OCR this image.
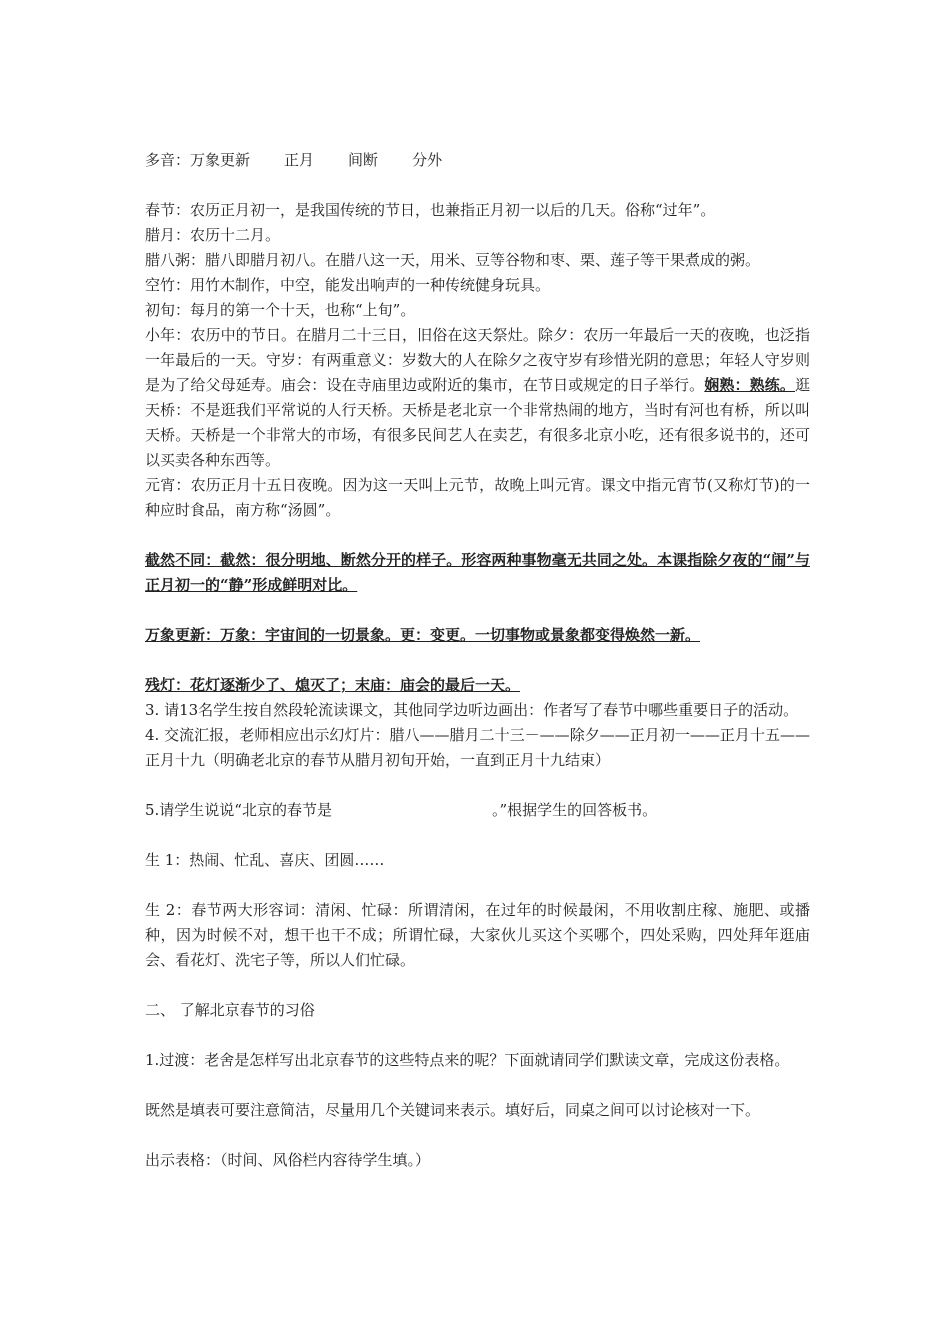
多音：万象更新 正月 间断 分外

春节：农历正月初一，是我国传统的节日，也兼指正月初一以后的几天。俗称“过年”。

腊月：农历十二月。

腊八粥：腊八即腊月初八。在腊八这一天，用米、豆等谷物和枣、栗、莲子等干果煮成的粥。

空竹：用竹木制作，中空，能发出响声的一种传统健身玩具。

初旬：每月的第一个十天，也称“上旬”。

小年：农历中的节日。在腊月二十三日，旧俗在这天祭灶。除夕：农历一年最后一天的夜晚，也泛指一年最后的一天。守岁：有两重意义：岁数大的人在除夕之夜守岁有珍惜光阴的意思；年轻人守岁则是为了给父母延寿。庙会：设在寺庙里边或附近的集市，在节日或规定的日子举行。娴熟：熟练。逛天桥：不是逛我们平常说的人行天桥。天桥是老北京一个非常热闹的地方，当时有河也有桥，所以叫天桥。天桥是一个非常大的市场，有很多民间艺人在卖艺，有很多北京小吃，还有很多说书的，还可以买卖各种东西等。

元宵：农历正月十五日夜晚。因为这一天叫上元节，故晚上叫元宵。课文中指元宵节(又称灯节)的一种应时食品，南方称“汤圆”。

截然不同：截然：很分明地、断然分开的样子。形容两种事物毫无共同之处。本课指除夕夜的“闹”与正月初一的“静”形成鲜明对比。

万象更新：万象：宇宙间的一切景象。更：变更。一切事物或景象都变得焕然一新。

残灯：花灯逐渐少了、熄灭了；末庙：庙会的最后一天。

3. 请13名学生按自然段轮流读课文，其他同学边听边画出：作者写了春节中哪些重要日子的活动。

4. 交流汇报，老师相应出示幻灯片：腊八——腊月二十三－——除夕——正月初一——正月十五——正月十九（明确老北京的春节从腊月初旬开始，一直到正月十九结束）

5.请学生说说“北京的春节是	。”根据学生的回答板书。

生 1：热闹、忙乱、喜庆、团圆……

生 2：春节两大形容词：清闲、忙碌：所谓清闲，在过年的时候最闲，不用收割庄稼、施肥、或播种，因为时候不对，想干也干不成；所谓忙碌，大家伙儿买这个买哪个，四处采购，四处拜年逛庙会、看花灯、洗宅子等，所以人们忙碌。

二、 了解北京春节的习俗

1.过渡：老舍是怎样写出北京春节的这些特点来的呢？下面就请同学们默读文章，完成这份表格。

既然是填表可要注意简洁，尽量用几个关键词来表示。填好后，同桌之间可以讨论核对一下。

出示表格：（时间、风俗栏内容待学生填。）
